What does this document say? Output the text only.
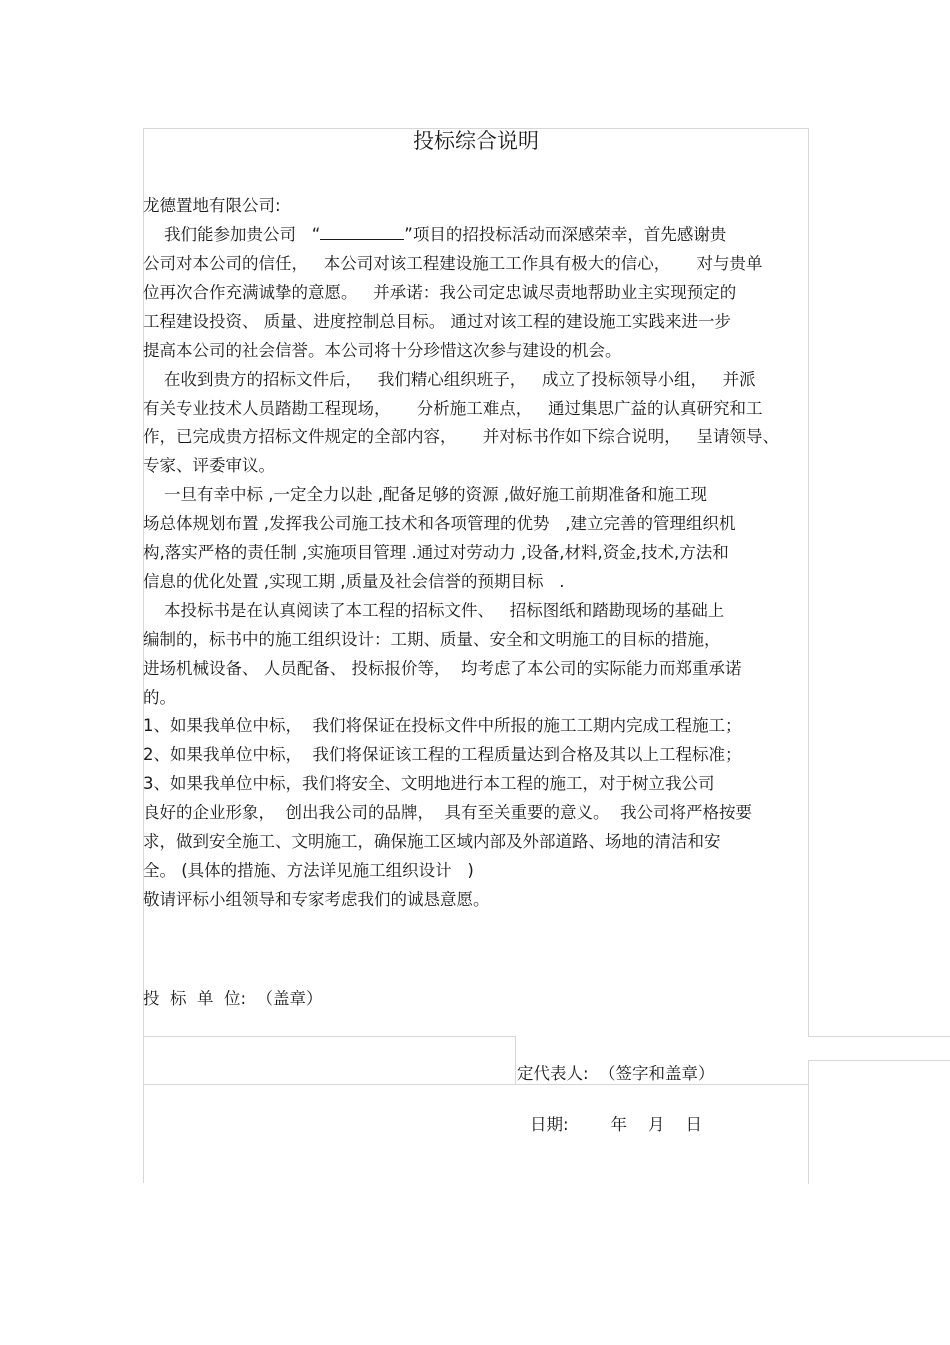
投标综合说明
龙德置地有限公司:
我们能参加贵公司   “	”项目的招投标活动而深感荣幸，首先感谢贵
公司对本公司的信任，   本公司对该工程建设施工工作具有极大的信心，     对与贵单
位再次合作充满诚挚的意愿。   并承诺：我公司定忠诚尽责地帮助业主实现预定的
工程建设投资、 质量、进度控制总目标。 通过对该工程的建设施工实践来进一步
提高本公司的社会信誉。本公司将十分珍惜这次参与建设的机会。
在收到贵方的招标文件后，   我们精心组织班子，   成立了投标领导小组，   并派
有关专业技术人员踏勘工程现场，     分析施工难点，   通过集思广益的认真研究和工
作，已完成贵方招标文件规定的全部内容，     并对标书作如下综合说明，   呈请领导、
专家、评委审议。
一旦有幸中标 ,一定全力以赴 ,配备足够的资源 ,做好施工前期准备和施工现
场总体规划布置 ,发挥我公司施工技术和各项管理的优势   ,建立完善的管理组织机
构,落实严格的责任制 ,实施项目管理 .通过对劳动力 ,设备,材料,资金,技术,方法和
信息的优化处置 ,实现工期 ,质量及社会信誉的预期目标   .
本投标书是在认真阅读了本工程的招标文件、   招标图纸和踏勘现场的基础上
编制的，标书中的施工组织设计：工期、质量、安全和文明施工的目标的措施，
进场机械设备、 人员配备、 投标报价等，  均考虑了本公司的实际能力而郑重承诺
的。
1、如果我单位中标，  我们将保证在投标文件中所报的施工工期内完成工程施工；
2、如果我单位中标，  我们将保证该工程的工程质量达到合格及其以上工程标准；
3、如果我单位中标，我们将安全、文明地进行本工程的施工，对于树立我公司
良好的企业形象，  创出我公司的品牌，  具有至关重要的意义。  我公司将严格按要
求，做到安全施工、文明施工，确保施工区域内部及外部道路、场地的清洁和安
全。 (具体的措施、方法详见施工组织设计   )
敬请评标小组领导和专家考虑我们的诚恳意愿。
投  标  单  位:  （盖章）
定代表人:  （签字和盖章）
日期:        年    月    日
